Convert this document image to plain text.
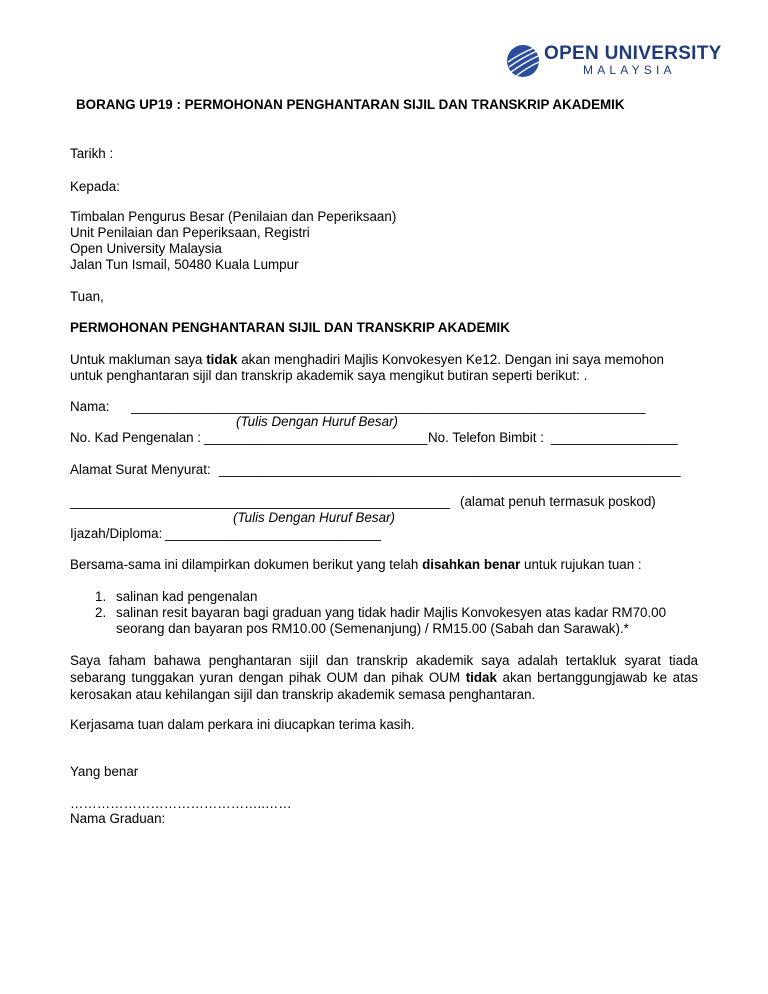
OPEN UNIVERSITY
MALAYSIA
BORANG UP19 : PERMOHONAN PENGHANTARAN SIJIL DAN TRANSKRIP AKADEMIK
Tarikh :
Kepada:
Timbalan Pengurus Besar (Penilaian dan Peperiksaan)
Unit Penilaian dan Peperiksaan, Registri
Open University Malaysia
Jalan Tun Ismail, 50480 Kuala Lumpur
Tuan,
PERMOHONAN PENGHANTARAN SIJIL DAN TRANSKRIP AKADEMIK
Untuk makluman saya tidak akan menghadiri Majlis Konvokesyen Ke12. Dengan ini saya memohon
untuk penghantaran sijil dan transkrip akademik saya mengikut butiran seperti berikut: .
Nama: ______________________________________________________________________
(Tulis Dengan Huruf Besar)
No. Kad Pengenalan : ______________________________ No. Telefon Bimbit : _________________
Alamat Surat Menyurat: ______________________________________________________________
___________________________________________________ (alamat penuh termasuk poskod)
(Tulis Dengan Huruf Besar)
Ijazah/Diploma: _____________________________
Bersama-sama ini dilampirkan dokumen berikut yang telah disahkan benar untuk rujukan tuan :
1. salinan kad pengenalan
2. salinan resit bayaran bagi graduan yang tidak hadir Majlis Konvokesyen atas kadar RM70.00
seorang dan bayaran pos RM10.00 (Semenanjung) / RM15.00 (Sabah dan Sarawak).*
Saya faham bahawa penghantaran sijil dan transkrip akademik saya adalah tertakluk syarat tiada sebarang tunggakan yuran dengan pihak OUM dan pihak OUM tidak akan bertanggungjawab ke atas kerosakan atau kehilangan sijil dan transkrip akademik semasa penghantaran.
Kerjasama tuan dalam perkara ini diucapkan terima kasih.
Yang benar
……………………………………..……
Nama Graduan:
